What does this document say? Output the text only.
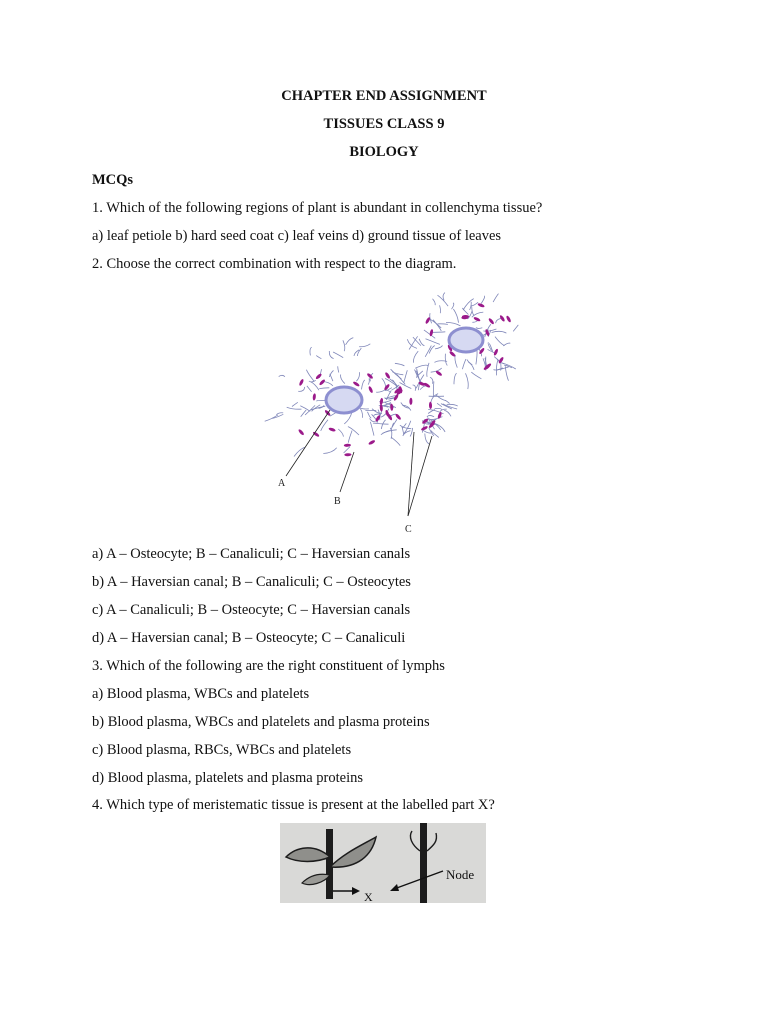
CHAPTER END ASSIGNMENT
TISSUES CLASS 9
BIOLOGY
MCQs
1. Which of the following regions of plant is abundant in collenchyma tissue?
a) leaf petiole b) hard seed coat c) leaf veins d) ground tissue of leaves
2. Choose the correct combination with respect to the diagram.
A
B
C
a) A – Osteocyte; B – Canaliculi; C – Haversian canals
b) A – Haversian canal; B – Canaliculi; C – Osteocytes
c) A – Canaliculi; B – Osteocyte; C – Haversian canals
d) A – Haversian canal; B – Osteocyte; C – Canaliculi
3. Which of the following are the right constituent of lymphs
a) Blood plasma, WBCs and platelets
b) Blood plasma, WBCs and platelets and plasma proteins
c) Blood plasma, RBCs, WBCs and platelets
d) Blood plasma, platelets and plasma proteins
4. Which type of meristematic tissue is present at the labelled part X?
X
Node
